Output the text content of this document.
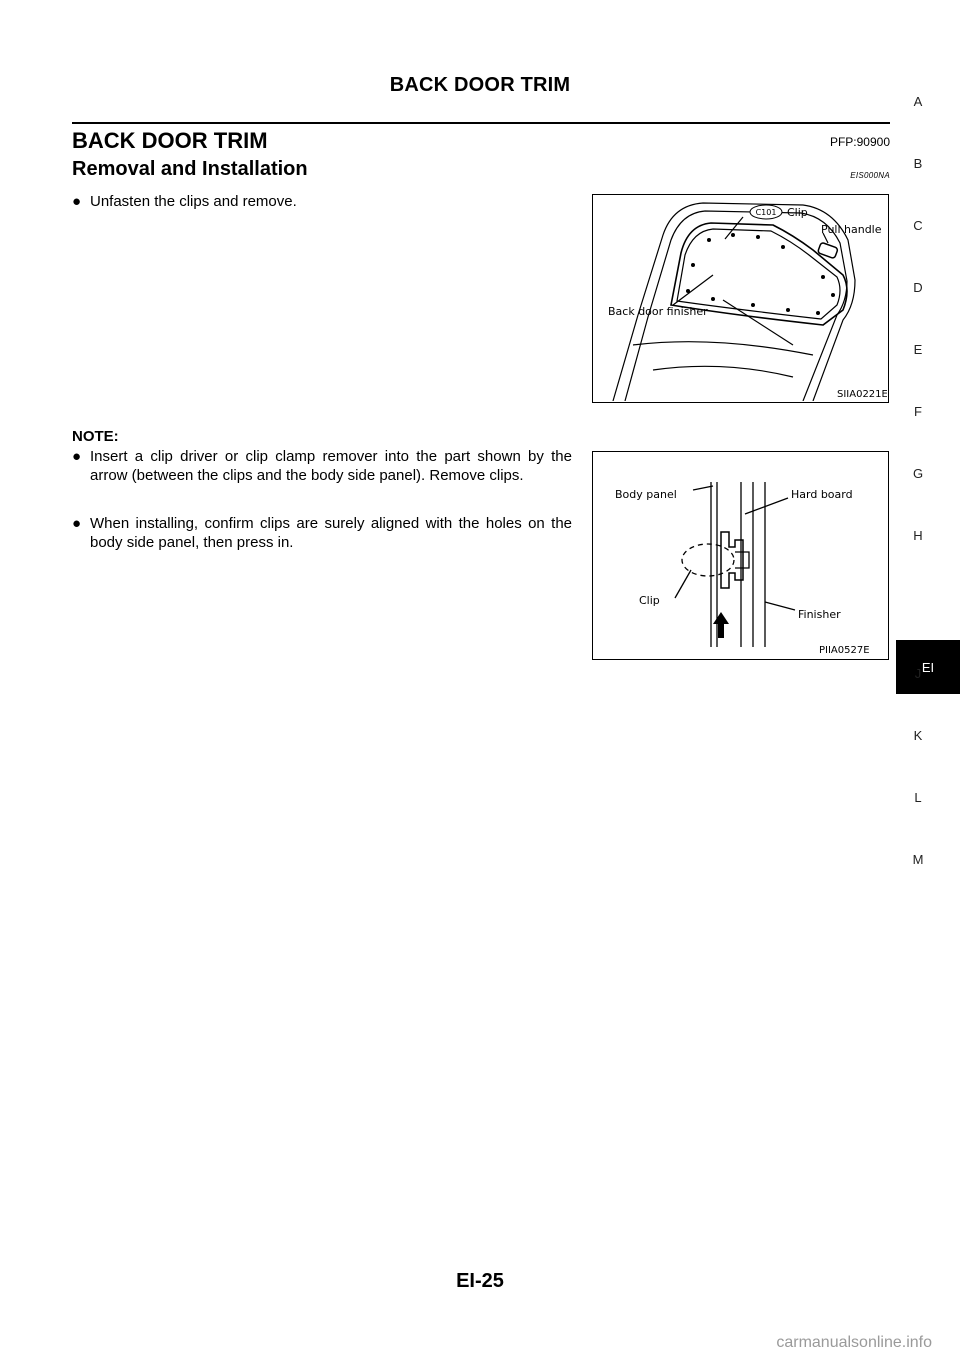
BACK DOOR TRIM
BACK DOOR TRIM	PFP:90900
Removal and Installation	EIS000NA
● Unfasten the clips and remove.
NOTE:
● Insert a clip driver or clip clamp remover into the part shown by the arrow (between the clips and the body side panel). Remove clips.
● When installing, confirm clips are surely aligned with the holes on the body side panel, then press in.
C101 Clip
Pull handle
Back door finisher
SIIA0221E
Body panel	Hard board
Clip
Finisher
PIIA0527E
A
B
C
D
E
F
G
H
EI
J
K
L
M
EI-25
carmanualsonline.info
